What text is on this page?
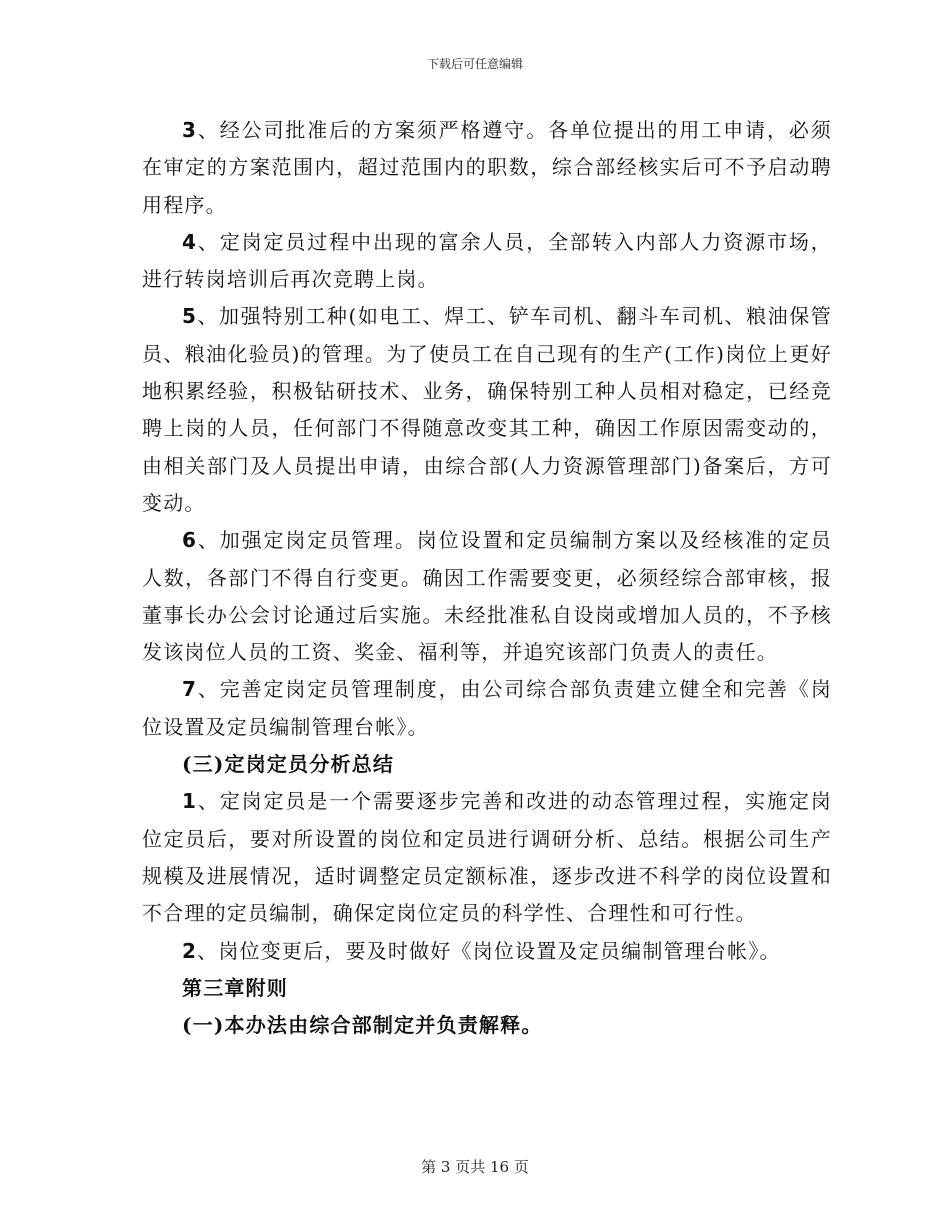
下载后可任意编辑

3、经公司批准后的方案须严格遵守。各单位提出的用工申请，必须在审定的方案范围内，超过范围内的职数，综合部经核实后可不予启动聘用程序。

4、定岗定员过程中出现的富余人员，全部转入内部人力资源市场，进行转岗培训后再次竞聘上岗。

5、加强特别工种(如电工、焊工、铲车司机、翻斗车司机、粮油保管员、粮油化验员)的管理。为了使员工在自己现有的生产(工作)岗位上更好地积累经验，积极钻研技术、业务，确保特别工种人员相对稳定，已经竞聘上岗的人员，任何部门不得随意改变其工种，确因工作原因需变动的，由相关部门及人员提出申请，由综合部(人力资源管理部门)备案后，方可变动。

6、加强定岗定员管理。岗位设置和定员编制方案以及经核准的定员人数，各部门不得自行变更。确因工作需要变更，必须经综合部审核，报董事长办公会讨论通过后实施。未经批准私自设岗或增加人员的，不予核发该岗位人员的工资、奖金、福利等，并追究该部门负责人的责任。

7、完善定岗定员管理制度，由公司综合部负责建立健全和完善《岗位设置及定员编制管理台帐》。

(三)定岗定员分析总结

1、定岗定员是一个需要逐步完善和改进的动态管理过程，实施定岗位定员后，要对所设置的岗位和定员进行调研分析、总结。根据公司生产规模及进展情况，适时调整定员定额标准，逐步改进不科学的岗位设置和不合理的定员编制，确保定岗位定员的科学性、合理性和可行性。

2、岗位变更后，要及时做好《岗位设置及定员编制管理台帐》。

第三章附则

(一)本办法由综合部制定并负责解释。

第 3 页共 16 页
